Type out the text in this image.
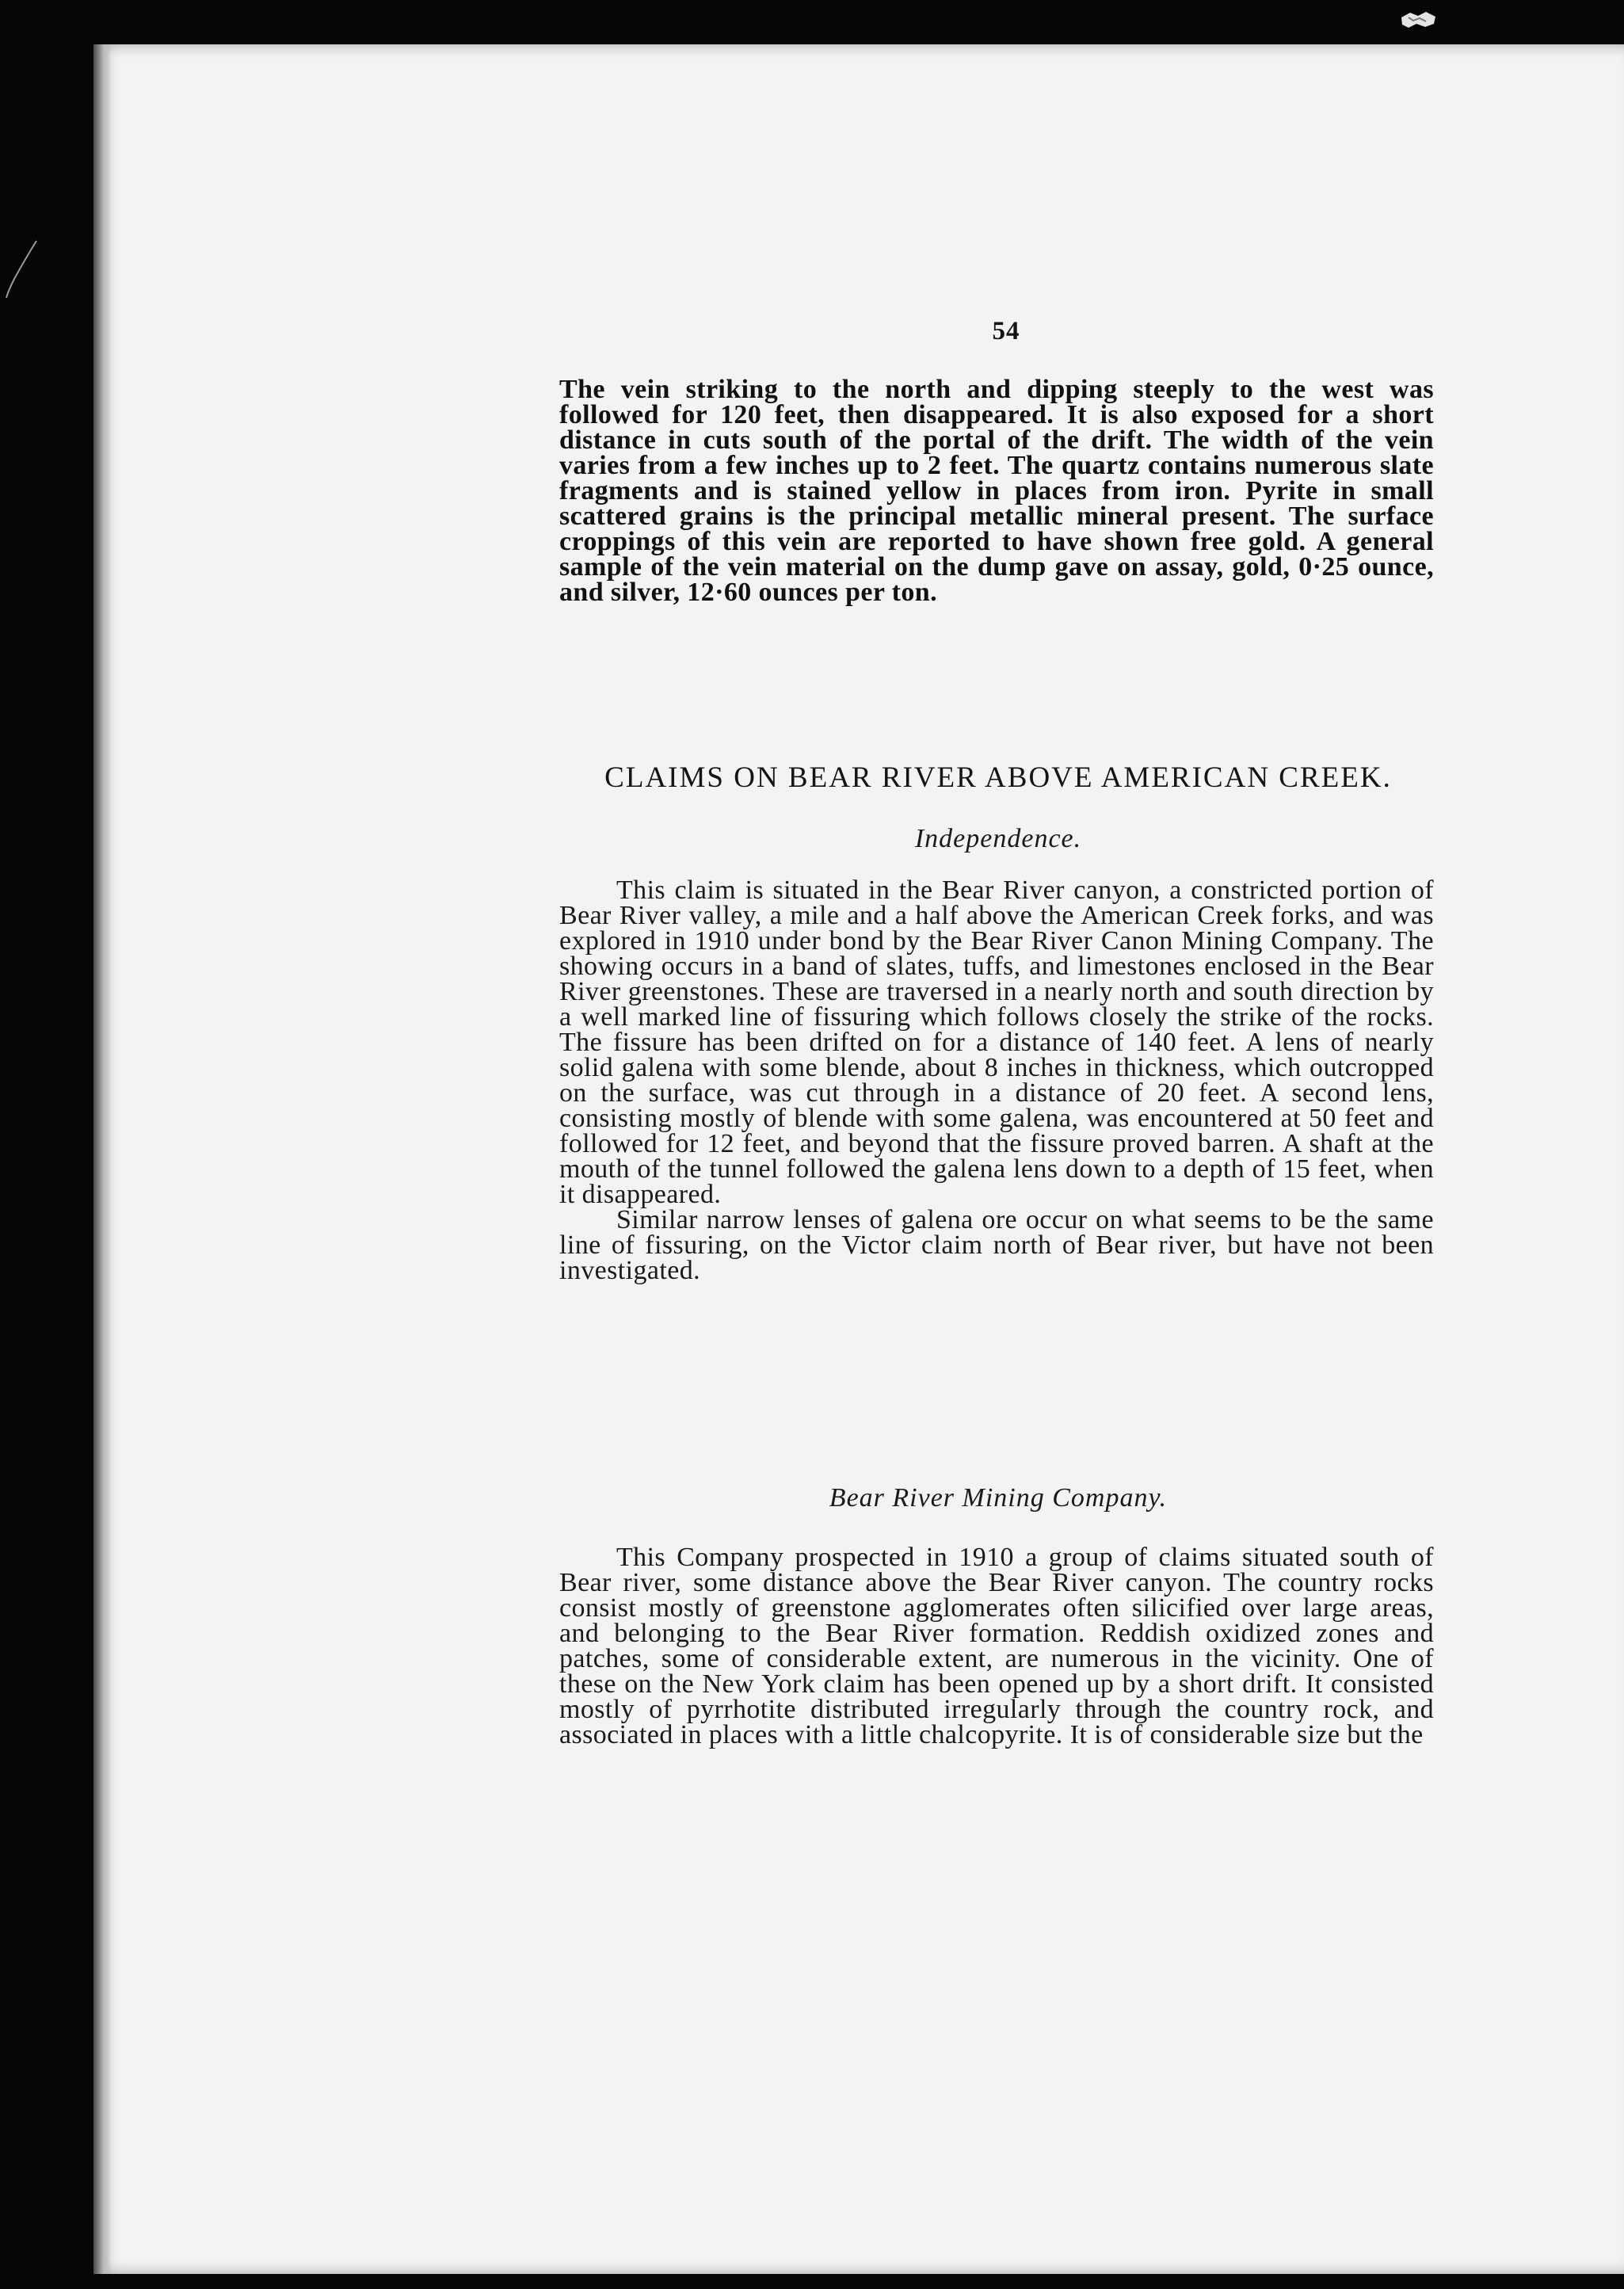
54

The vein striking to the north and dipping steeply to the west was followed for 120 feet, then disappeared. It is also exposed for a short distance in cuts south of the portal of the drift. The width of the vein varies from a few inches up to 2 feet. The quartz contains numerous slate fragments and is stained yellow in places from iron. Pyrite in small scattered grains is the principal metallic mineral present. The surface croppings of this vein are reported to have shown free gold. A general sample of the vein material on the dump gave on assay, gold, 0·25 ounce, and silver, 12·60 ounces per ton.

CLAIMS ON BEAR RIVER ABOVE AMERICAN CREEK.
Independence.

This claim is situated in the Bear River canyon, a constricted portion of Bear River valley, a mile and a half above the American Creek forks, and was explored in 1910 under bond by the Bear River Canon Mining Company. The showing occurs in a band of slates, tuffs, and limestones enclosed in the Bear River greenstones. These are traversed in a nearly north and south direction by a well marked line of fissuring which follows closely the strike of the rocks. The fissure has been drifted on for a distance of 140 feet. A lens of nearly solid galena with some blende, about 8 inches in thickness, which outcropped on the surface, was cut through in a distance of 20 feet. A second lens, consisting mostly of blende with some galena, was encountered at 50 feet and followed for 12 feet, and beyond that the fissure proved barren. A shaft at the mouth of the tunnel followed the galena lens down to a depth of 15 feet, when it disappeared.

Similar narrow lenses of galena ore occur on what seems to be the same line of fissuring, on the Victor claim north of Bear river, but have not been investigated.

Bear River Mining Company.

This Company prospected in 1910 a group of claims situated south of Bear river, some distance above the Bear River canyon. The country rocks consist mostly of greenstone agglomerates often silicified over large areas, and belonging to the Bear River formation. Reddish oxidized zones and patches, some of considerable extent, are numerous in the vicinity. One of these on the New York claim has been opened up by a short drift. It consisted mostly of pyrrhotite distributed irregularly through the country rock, and associated in places with a little chalcopyrite. It is of considerable size but the
